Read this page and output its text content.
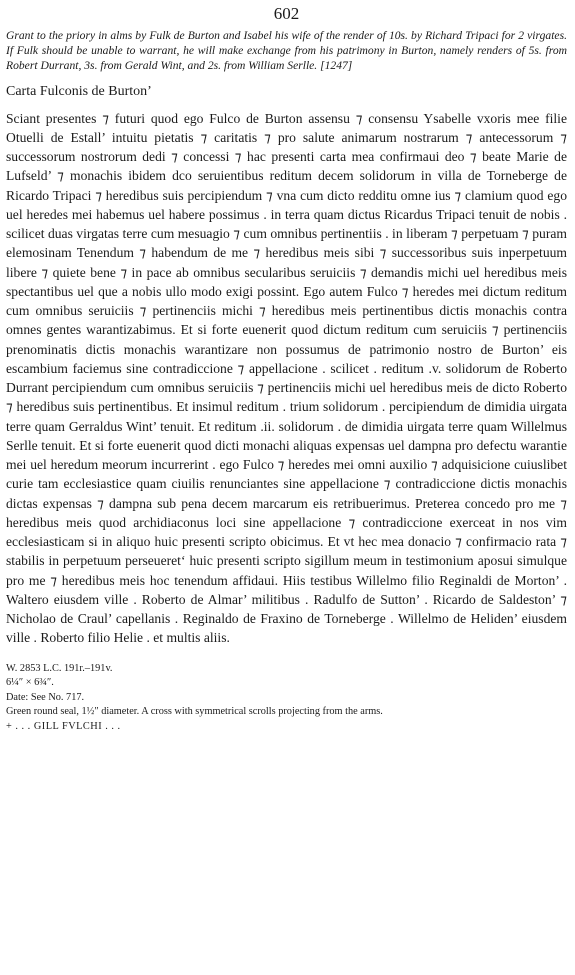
602

Grant to the priory in alms by Fulk de Burton and Isabel his wife of the render of 10s. by Richard Tripaci for 2 virgates. If Fulk should be unable to warrant, he will make exchange from his patrimony in Burton, namely renders of 5s. from Robert Durrant, 3s. from Gerald Wint, and 2s. from William Serlle. [1247]

Carta Fulconis de Burton’

Sciant presentes ⁊ futuri quod ego Fulco de Burton assensu ⁊ consensu Ysabelle vxoris mee filie Otuelli de Estall’ intuitu pietatis ⁊ caritatis ⁊ pro salute animarum nostrarum ⁊ antecessorum ⁊ successorum nostrorum dedi ⁊ concessi ⁊ hac presenti carta mea confirmaui deo ⁊ beate Marie de Lufseld’ ⁊ monachis ibidem dco seruientibus reditum decem solidorum in villa de Torneberge de Ricardo Tripaci ⁊ heredibus suis percipiendum ⁊ vna cum dicto redditu omne ius ⁊ clamium quod ego uel heredes mei habemus uel habere possimus . in terra quam dictus Ricardus Tripaci tenuit de nobis . scilicet duas virgatas terre cum mesuagio ⁊ cum omnibus pertinentiis . in liberam ⁊ perpetuam ⁊ puram elemosinam Tenendum ⁊ habendum de me ⁊ heredibus meis sibi ⁊ successoribus suis inperpetuum libere ⁊ quiete bene ⁊ in pace ab omnibus secularibus seruiciis ⁊ demandis michi uel heredibus meis spectantibus uel que a nobis ullo modo exigi possint. Ego autem Fulco ⁊ heredes mei dictum reditum cum omnibus seruiciis ⁊ pertinenciis michi ⁊ heredibus meis pertinentibus dictis monachis contra omnes gentes warantizabimus. Et si forte euenerit quod dictum reditum cum seruiciis ⁊ pertinenciis prenominatis dictis monachis warantizare non possumus de patrimonio nostro de Burton’ eis escambium faciemus sine contradiccione ⁊ appellacione . scilicet . reditum .v. solidorum de Roberto Durrant percipiendum cum omnibus seruiciis ⁊ pertinenciis michi uel heredibus meis de dicto Roberto ⁊ heredibus suis pertinentibus. Et insimul reditum . trium solidorum . percipiendum de dimidia uirgata terre quam Gerraldus Wint’ tenuit. Et reditum .ii. solidorum . de dimidia uirgata terre quam Willelmus Serlle tenuit. Et si forte euenerit quod dicti monachi aliquas expensas uel dampna pro defectu warantie mei uel heredum meorum incurrerint . ego Fulco ⁊ heredes mei omni auxilio ⁊ adquisicione cuiuslibet curie tam ecclesiastice quam ciuilis renunciantes sine appellacione ⁊ contradiccione dictis monachis dictas expensas ⁊ dampna sub pena decem marcarum eis retribuerimus. Preterea concedo pro me ⁊ heredibus meis quod archidiaconus loci sine appellacione ⁊ contradiccione exerceat in nos vim ecclesiasticam si in aliquo huic presenti scripto obicimus. Et vt hec mea donacio ⁊ confirmacio rata ⁊ stabilis in perpetuum perseueret‘ huic presenti scripto sigillum meum in testimonium aposui simulque pro me ⁊ heredibus meis hoc tenendum affidaui. Hiis testibus Willelmo filio Reginaldi de Morton’ . Waltero eiusdem ville . Roberto de Almar’ militibus . Radulfo de Sutton’ . Ricardo de Saldeston’ ⁊ Nicholao de Craul’ capellanis . Reginaldo de Fraxino de Torneberge . Willelmo de Heliden’ eiusdem ville . Roberto filio Helie . et multis aliis.

W. 2853 L.C. 191r.–191v.
6¼″ × 6¾″.
Date: See No. 717.
Green round seal, 1½″ diameter. A cross with symmetrical scrolls projecting from the arms.
+ . . . GILL FVLCHI . . .
